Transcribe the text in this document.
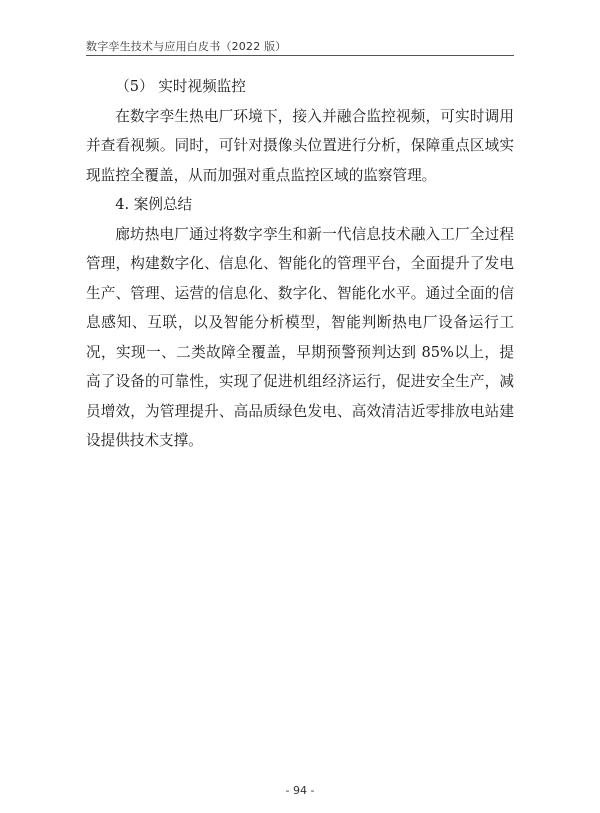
数字孪生技术与应用白皮书（2022 版）
（5） 实时视频监控

在数字孪生热电厂环境下，接入并融合监控视频，可实时调用并查看视频。同时，可针对摄像头位置进行分析，保障重点区域实现监控全覆盖，从而加强对重点监控区域的监察管理。

4. 案例总结

廊坊热电厂通过将数字孪生和新一代信息技术融入工厂全过程管理，构建数字化、信息化、智能化的管理平台，全面提升了发电生产、管理、运营的信息化、数字化、智能化水平。通过全面的信息感知、互联，以及智能分析模型，智能判断热电厂设备运行工况，实现一、二类故障全覆盖，早期预警预判达到 85%以上，提高了设备的可靠性，实现了促进机组经济运行，促进安全生产，减员增效，为管理提升、高品质绿色发电、高效清洁近零排放电站建设提供技术支撑。

- 94 -
